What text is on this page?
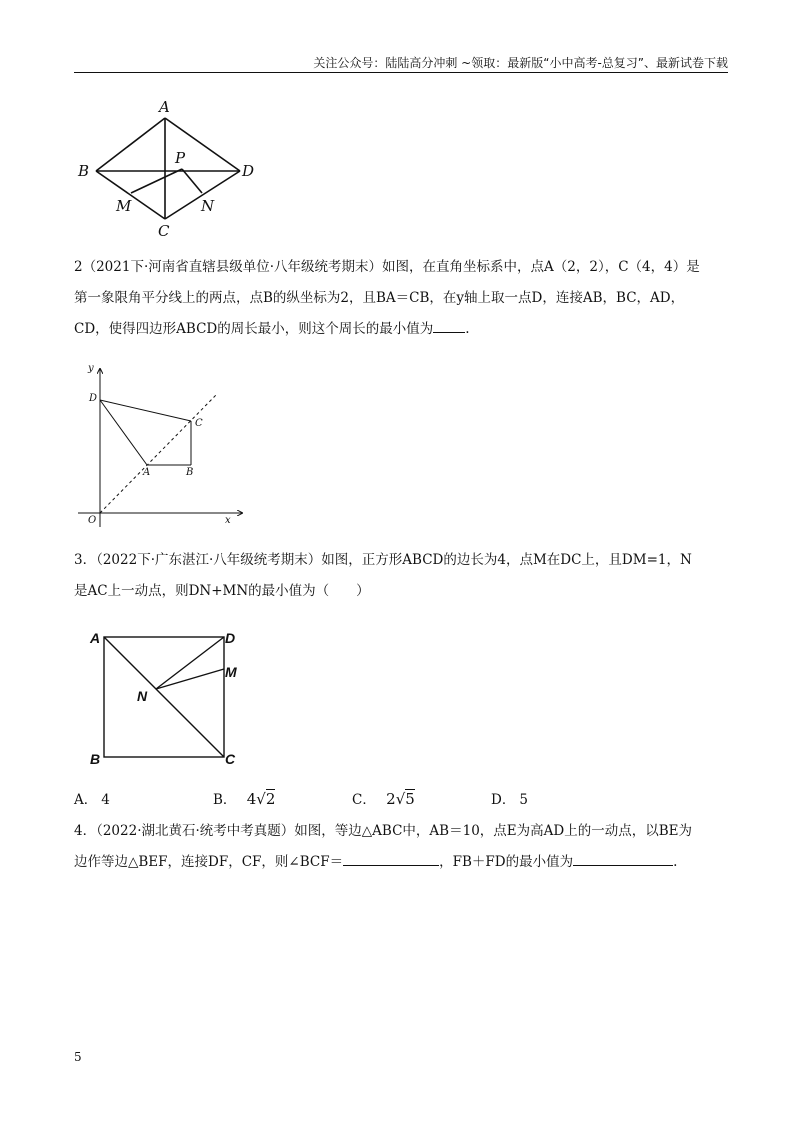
关注公众号：陆陆高分冲刺 ~领取：最新版“小中高考-总复习”、最新试卷下载
A
B	D
P
M	N
C
2（2021下·河南省直辖县级单位·八年级统考期末）如图，在直角坐标系中，点A（2，2），C（4，4）是
第一象限角平分线上的两点，点B的纵坐标为2，且BA＝CB，在y轴上取一点D，连接AB，BC，AD，
CD，使得四边形ABCD的周长最小，则这个周长的最小值为 .
y
x
O
D
C
A	B
3．（2022下·广东湛江·八年级统考期末）如图，正方形ABCD的边长为4，点M在DC上，且DM=1，N
是AC上一动点，则DN+MN的最小值为（　　）
A	D
M
N
B	C
A． 4	B． 4√2	C． 2√5	D． 5
4．（2022·湖北黄石·统考中考真题）如图，等边△ABC中，AB＝10，点E为高AD上的一动点，以BE为
边作等边△BEF，连接DF，CF，则∠BCF＝	，FB＋FD的最小值为	.
5
